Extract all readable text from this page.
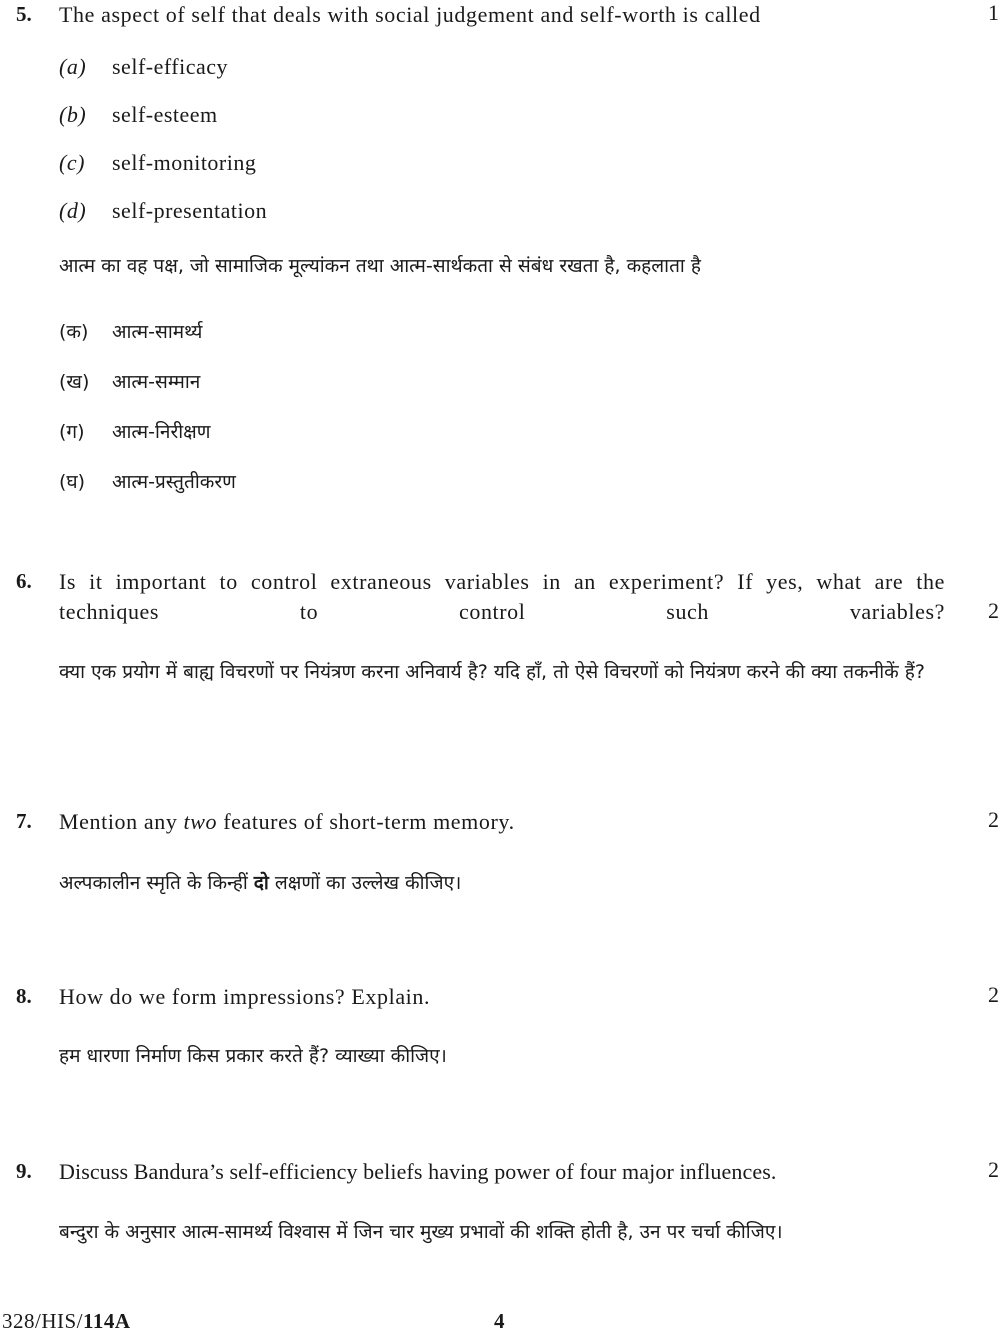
5. The aspect of self that deals with social judgement and self-worth is called	1
(a) self-efficacy
(b) self-esteem
(c) self-monitoring
(d) self-presentation
आत्म का वह पक्ष, जो सामाजिक मूल्यांकन तथा आत्म-सार्थकता से संबंध रखता है, कहलाता है
(क) आत्म-सामर्थ्य
(ख) आत्म-सम्मान
(ग) आत्म-निरीक्षण
(घ) आत्म-प्रस्तुतीकरण
6. Is it important to control extraneous variables in an experiment? If yes, what are the techniques to control such variables? 2
क्या एक प्रयोग में बाह्य विचरणों पर नियंत्रण करना अनिवार्य है? यदि हाँ, तो ऐसे विचरणों को नियंत्रण करने की क्या तकनीकें हैं?
7. Mention any two features of short-term memory.	2
अल्पकालीन स्मृति के किन्हीं दो लक्षणों का उल्लेख कीजिए।
8. How do we form impressions? Explain.	2
हम धारणा निर्माण किस प्रकार करते हैं? व्याख्या कीजिए।
9. Discuss Bandura’s self-efficiency beliefs having power of four major influences.	2
बन्दुरा के अनुसार आत्म-सामर्थ्य विश्वास में जिन चार मुख्य प्रभावों की शक्ति होती है, उन पर चर्चा कीजिए।
328/HIS/114A	4
